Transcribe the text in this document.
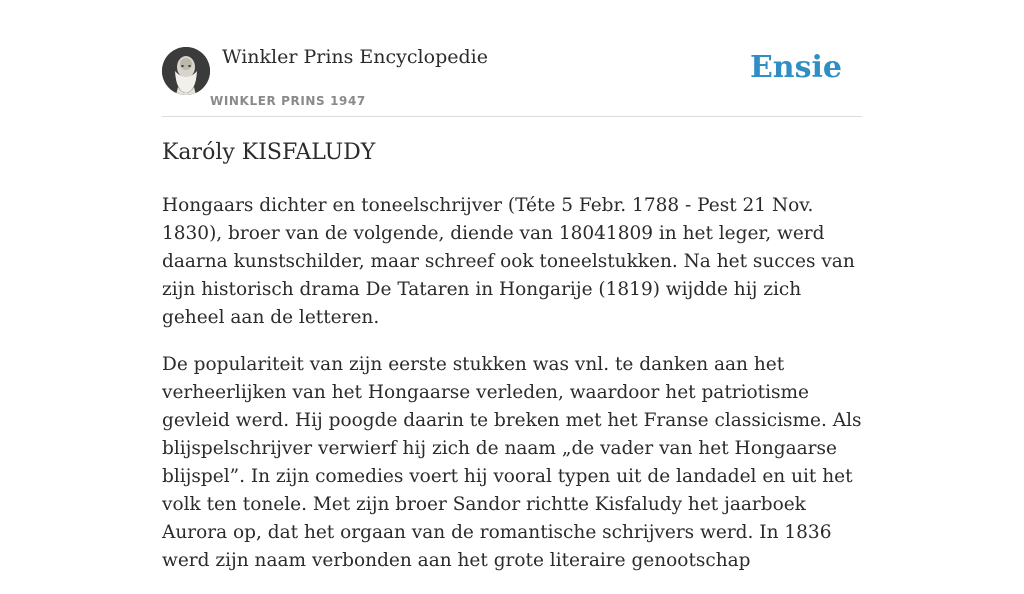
Winkler Prins Encyclopedie
WINKLER PRINS 1947
Ensie
Karóly KISFALUDY

Hongaars dichter en toneelschrijver (Téte 5 Febr. 1788 - Pest 21 Nov. 1830), broer van de volgende, diende van 18041809 in het leger, werd daarna kunstschilder, maar schreef ook toneelstukken. Na het succes van zijn historisch drama De Tataren in Hongarije (1819) wijdde hij zich geheel aan de letteren.

De populariteit van zijn eerste stukken was vnl. te danken aan het verheerlijken van het Hongaarse verleden, waardoor het patriotisme gevleid werd. Hij poogde daarin te breken met het Franse classicisme. Als blijspelschrijver verwierf hij zich de naam „de vader van het Hongaarse blijspel”. In zijn comedies voert hij vooral typen uit de landadel en uit het volk ten tonele. Met zijn broer Sandor richtte Kisfaludy het jaarboek Aurora op, dat het orgaan van de romantische schrijvers werd. In 1836 werd zijn naam verbonden aan het grote literaire genootschap
